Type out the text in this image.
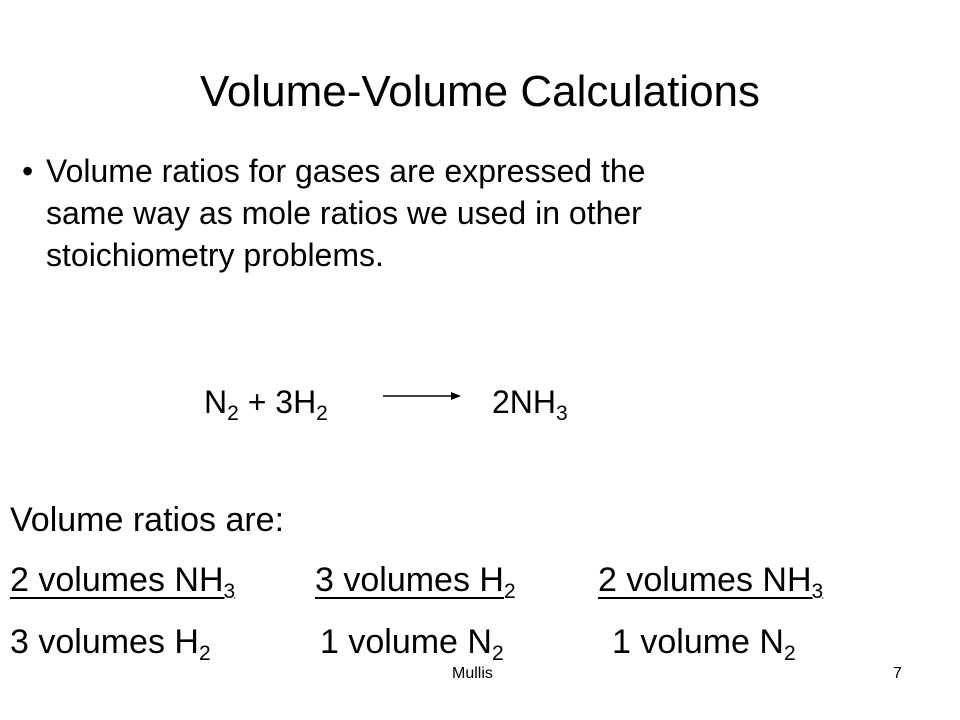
Volume-Volume Calculations
• Volume ratios for gases are expressed the
same way as mole ratios we used in other
stoichiometry problems.
$N_2 + 3H_2$	$2NH_3$
Volume ratios are:
2 volumes $NH_3$
3 volumes $H_2$
3 volumes $H_2$
1 volume $N_2$
2 volumes $NH_3$
1 volume $N_2$
Mullis	7
